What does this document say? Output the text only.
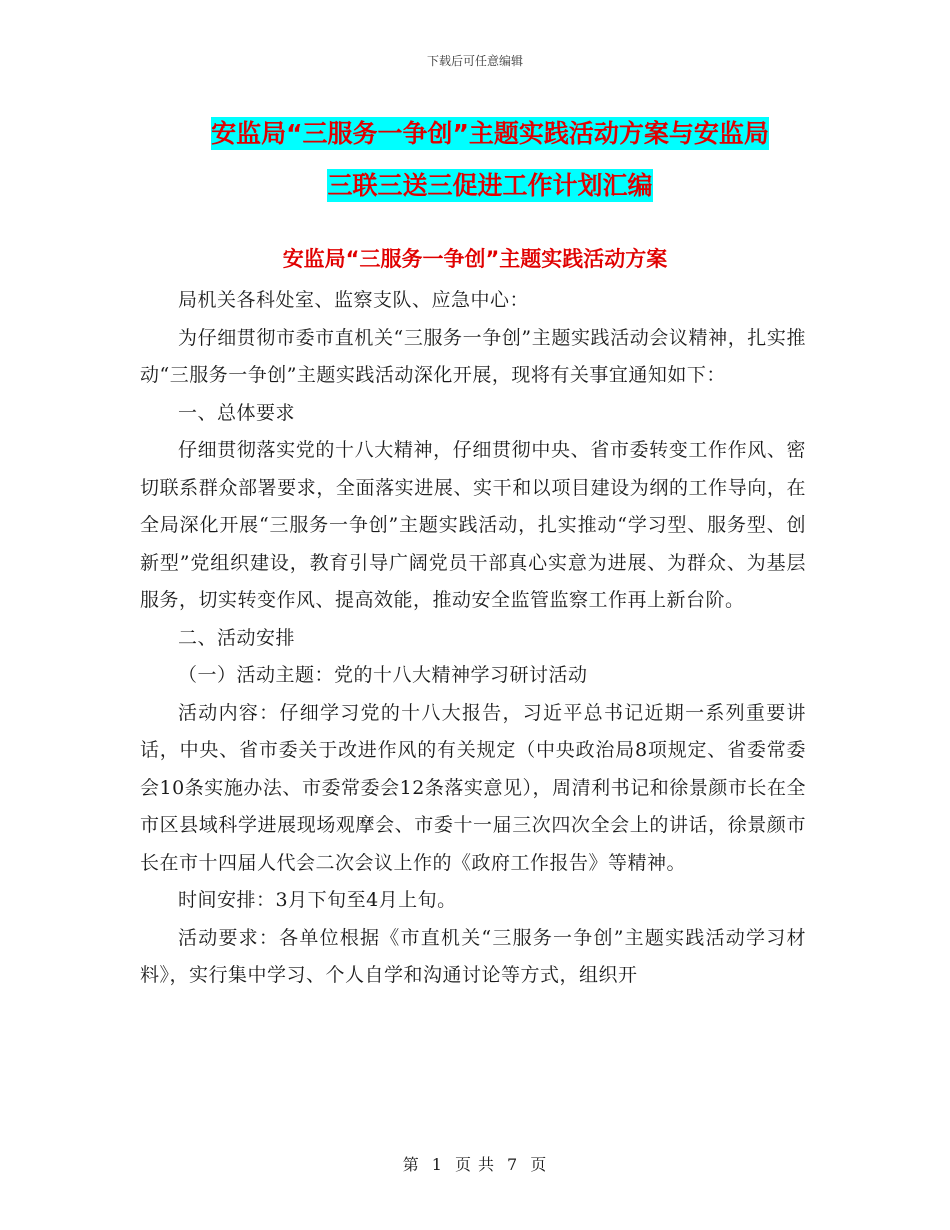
下载后可任意编辑
安监局“三服务一争创”主题实践活动方案与安监局
三联三送三促进工作计划汇编
安监局“三服务一争创”主题实践活动方案

局机关各科处室、监察支队、应急中心：

为仔细贯彻市委市直机关“三服务一争创”主题实践活动会议精神，扎实推动“三服务一争创”主题实践活动深化开展，现将有关事宜通知如下：

一、总体要求

仔细贯彻落实党的十八大精神，仔细贯彻中央、省市委转变工作作风、密切联系群众部署要求，全面落实进展、实干和以项目建设为纲的工作导向，在全局深化开展“三服务一争创”主题实践活动，扎实推动“学习型、服务型、创新型”党组织建设，教育引导广阔党员干部真心实意为进展、为群众、为基层服务，切实转变作风、提高效能，推动安全监管监察工作再上新台阶。

二、活动安排

（一）活动主题：党的十八大精神学习研讨活动

活动内容：仔细学习党的十八大报告，习近平总书记近期一系列重要讲话，中央、省市委关于改进作风的有关规定（中央政治局8项规定、省委常委会10条实施办法、市委常委会12条落实意见），周清利书记和徐景颜市长在全市区县域科学进展现场观摩会、市委十一届三次四次全会上的讲话，徐景颜市长在市十四届人代会二次会议上作的《政府工作报告》等精神。

时间安排：3月下旬至4月上旬。

活动要求：各单位根据《市直机关“三服务一争创”主题实践活动学习材料》，实行集中学习、个人自学和沟通讨论等方式，组织开

第 1 页 共 7 页
